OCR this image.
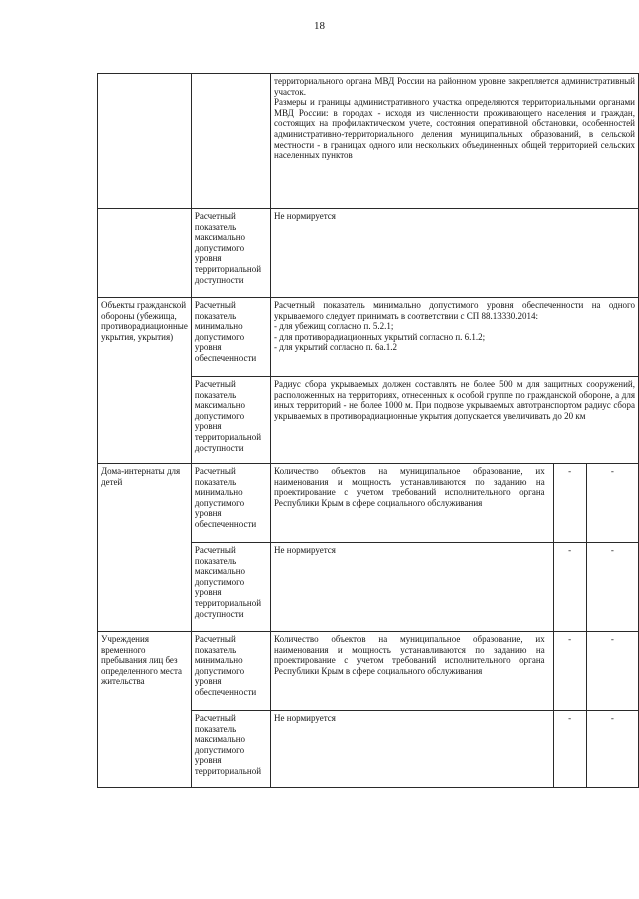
18
		территориального органа МВД России на районном уровне закрепляется административный участок.
Размеры и границы административного участка определяются территориальными органами МВД России: в городах - исходя из численности проживающего населения и граждан, состоящих на профилактическом учете, состояния оперативной обстановки, особенностей административно-территориального деления муниципальных образований, в сельской местности - в границах одного или нескольких объединенных общей территорией сельских населенных пунктов		
	Расчетный показатель максимально допустимого уровня территориальной доступности	Не нормируется		
Объекты гражданской обороны (убежища, противорадиационные укрытия, укрытия)	Расчетный показатель минимально допустимого уровня обеспеченности	Расчетный показатель минимально допустимого уровня обеспеченности на одного укрываемого следует принимать в соответствии с СП 88.13330.2014:
- для убежищ согласно п. 5.2.1;
- для противорадиационных укрытий согласно п. 6.1.2;
- для укрытий согласно п. 6а.1.2		
	Расчетный показатель максимально допустимого уровня территориальной доступности	Радиус сбора укрываемых должен составлять не более 500 м для защитных сооружений, расположенных на территориях, отнесенных к особой группе по гражданской обороне, а для иных территорий - не более 1000 м. При подвозе укрываемых автотранспортом радиус сбора укрываемых в противорадиационные укрытия допускается увеличивать до 20 км		
Дома-интернаты для детей	Расчетный показатель минимально допустимого уровня обеспеченности	Количество объектов на муниципальное образование, их наименования и мощность устанавливаются по заданию на проектирование с учетом требований исполнительного органа Республики Крым в сфере социального обслуживания	-	-
	Расчетный показатель максимально допустимого уровня территориальной доступности	Не нормируется	-	-
Учреждения временного пребывания лиц без определенного места жительства	Расчетный показатель минимально допустимого уровня обеспеченности	Количество объектов на муниципальное образование, их наименования и мощность устанавливаются по заданию на проектирование с учетом требований исполнительного органа Республики Крым в сфере социального обслуживания	-	-
	Расчетный показатель максимально допустимого уровня территориальной	Не нормируется	-	-
